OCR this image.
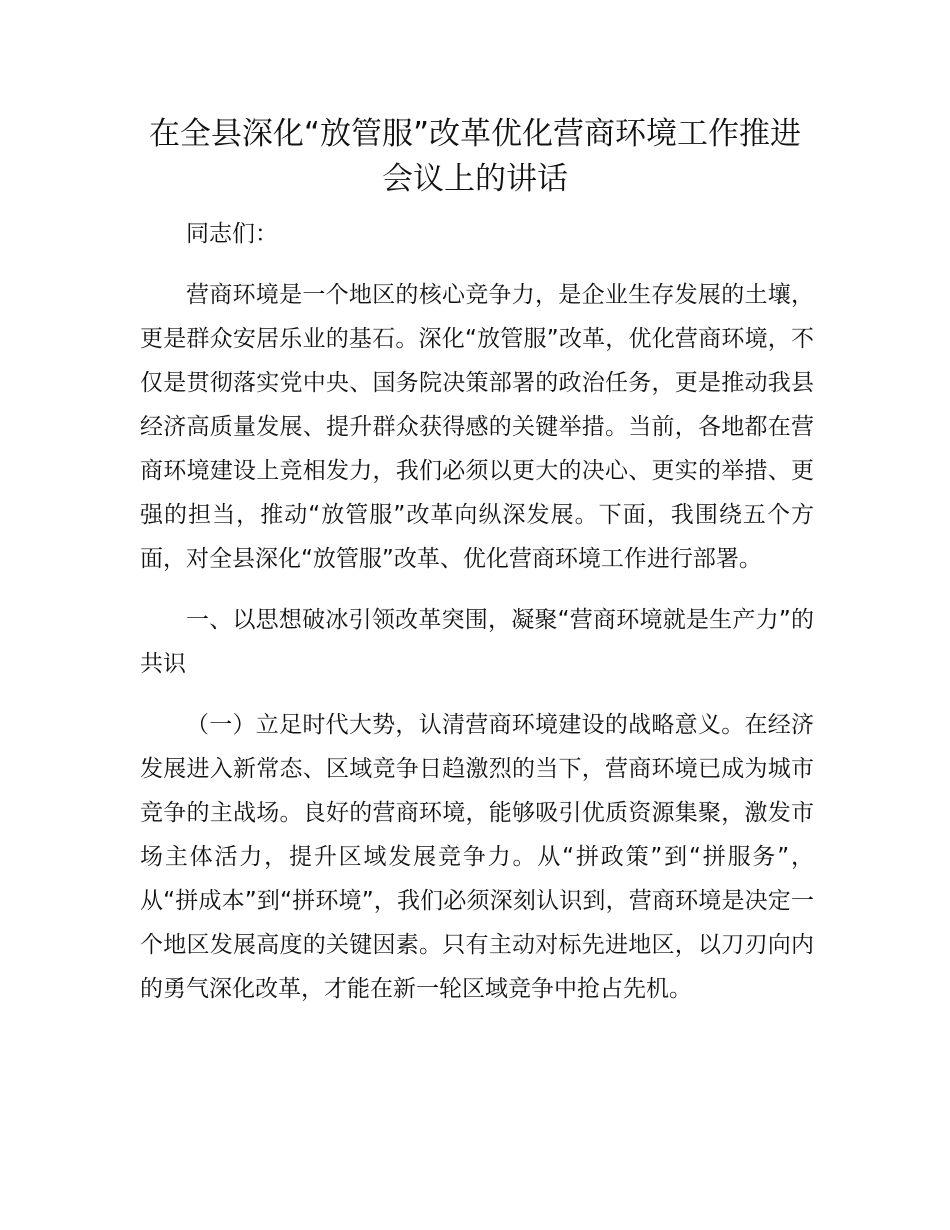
在全县深化“放管服”改革优化营商环境工作推进会议上的讲话

同志们：

营商环境是一个地区的核心竞争力，是企业生存发展的土壤，更是群众安居乐业的基石。深化“放管服”改革，优化营商环境，不仅是贯彻落实党中央、国务院决策部署的政治任务，更是推动我县经济高质量发展、提升群众获得感的关键举措。当前，各地都在营商环境建设上竞相发力，我们必须以更大的决心、更实的举措、更强的担当，推动“放管服”改革向纵深发展。下面，我围绕五个方面，对全县深化“放管服”改革、优化营商环境工作进行部署。

一、以思想破冰引领改革突围，凝聚“营商环境就是生产力”的共识

（一）立足时代大势，认清营商环境建设的战略意义。在经济发展进入新常态、区域竞争日趋激烈的当下，营商环境已成为城市竞争的主战场。良好的营商环境，能够吸引优质资源集聚，激发市场主体活力，提升区域发展竞争力。从“拼政策”到“拼服务”，从“拼成本”到“拼环境”，我们必须深刻认识到，营商环境是决定一个地区发展高度的关键因素。只有主动对标先进地区，以刀刃向内的勇气深化改革，才能在新一轮区域竞争中抢占先机。
